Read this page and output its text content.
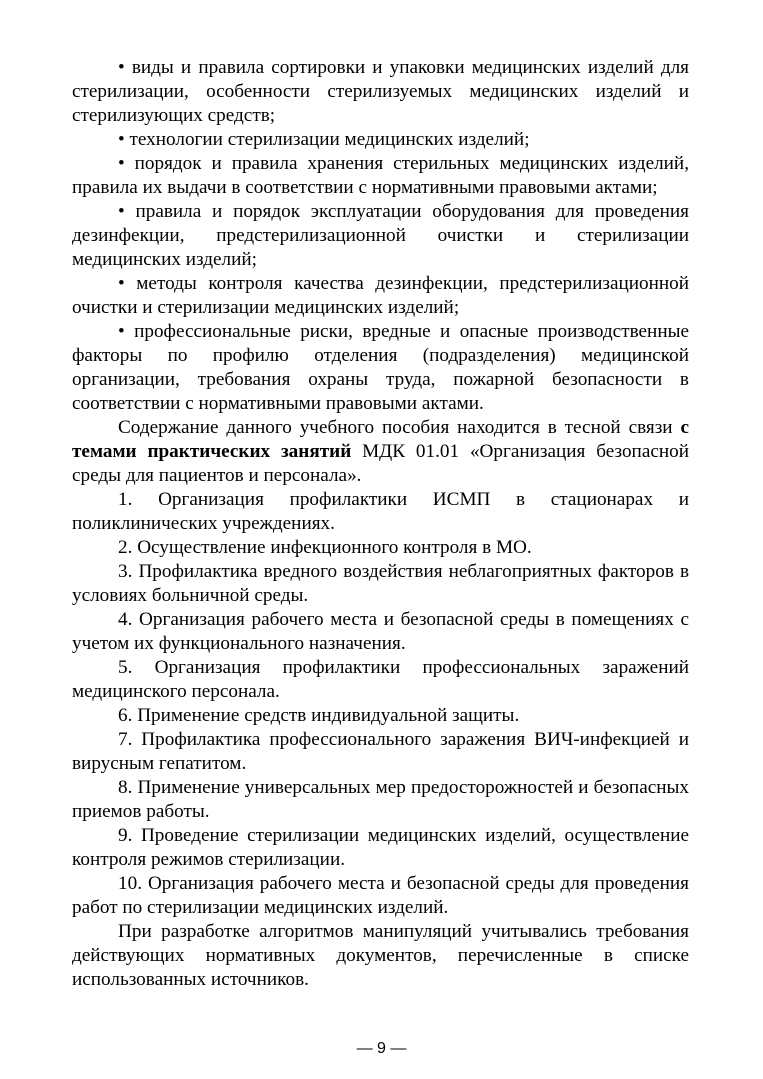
• виды и правила сортировки и упаковки медицинских изделий для стерилизации, особенности стерилизуемых медицинских изделий и стерилизующих средств;

• технологии стерилизации медицинских изделий;

• порядок и правила хранения стерильных медицинских изделий, правила их выдачи в соответствии с нормативными правовыми актами;

• правила и порядок эксплуатации оборудования для проведения дезинфекции, предстерилизационной очистки и стерилизации медицинских изделий;

• методы контроля качества дезинфекции, предстерилизационной очистки и стерилизации медицинских изделий;

• профессиональные риски, вредные и опасные производственные факторы по профилю отделения (подразделения) медицинской организации, требования охраны труда, пожарной безопасности в соответствии с нормативными правовыми актами.

Содержание данного учебного пособия находится в тесной связи с темами практических занятий МДК 01.01 «Организация безопасной среды для пациентов и персонала».

1. Организация профилактики ИСМП в стационарах и поликлинических учреждениях.

2. Осуществление инфекционного контроля в МО.

3. Профилактика вредного воздействия неблагоприятных факторов в условиях больничной среды.

4. Организация рабочего места и безопасной среды в помещениях с учетом их функционального назначения.

5. Организация профилактики профессиональных заражений медицинского персонала.

6. Применение средств индивидуальной защиты.

7. Профилактика профессионального заражения ВИЧ-инфекцией и вирусным гепатитом.

8. Применение универсальных мер предосторожностей и безопасных приемов работы.

9. Проведение стерилизации медицинских изделий, осуществление контроля режимов стерилизации.

10. Организация рабочего места и безопасной среды для проведения работ по стерилизации медицинских изделий.

При разработке алгоритмов манипуляций учитывались требования действующих нормативных документов, перечисленные в списке использованных источников.

— 9 —
